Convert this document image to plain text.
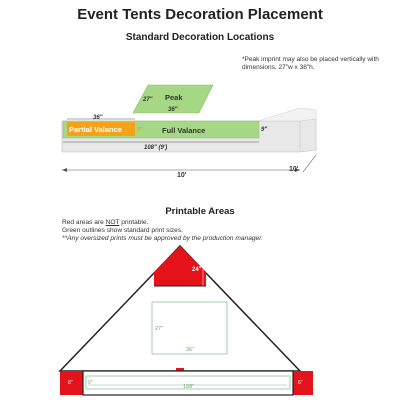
Event Tents Decoration Placement
Standard Decoration Locations
*Peak imprint may also be placed vertically with dimensions, 27"w x 38"h.
Peak
27"
36"
Partial Valance	9"	Full Valance	9"
36"
108" (9')
10'
10'
24"
27"
36"
6"	6"
9"
108"
Printable Areas
Red areas are NOT printable.
Green outlines show standard print sizes.
**Any oversized prints must be approved by the production manager.
